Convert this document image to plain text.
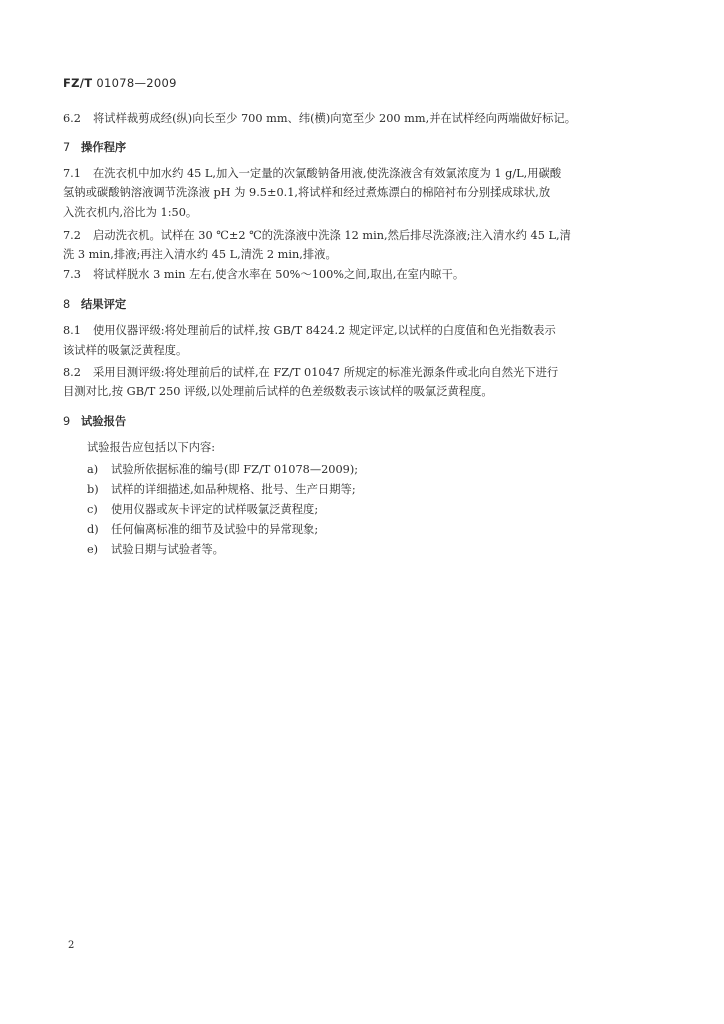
FZ/T 01078—2009
6.2 将试样裁剪成经(纵)向长至少 700 mm、纬(横)向宽至少 200 mm,并在试样经向两端做好标记。
7 操作程序
7.1 在洗衣机中加水约 45 L,加入一定量的次氯酸钠备用液,使洗涤液含有效氯浓度为 1 g/L,用碳酸
氢钠或碳酸钠溶液调节洗涤液 pH 为 9.5±0.1,将试样和经过煮炼漂白的棉陪衬布分别揉成球状,放
入洗衣机内,浴比为 1:50。
7.2 启动洗衣机。试样在 30 ℃±2 ℃的洗涤液中洗涤 12 min,然后排尽洗涤液;注入清水约 45 L,清
洗 3 min,排液;再注入清水约 45 L,清洗 2 min,排液。
7.3 将试样脱水 3 min 左右,使含水率在 50%～100%之间,取出,在室内晾干。
8 结果评定
8.1 使用仪器评级:将处理前后的试样,按 GB/T 8424.2 规定评定,以试样的白度值和色光指数表示
该试样的吸氯泛黄程度。
8.2 采用目测评级:将处理前后的试样,在 FZ/T 01047 所规定的标准光源条件或北向自然光下进行
目测对比,按 GB/T 250 评级,以处理前后试样的色差级数表示该试样的吸氯泛黄程度。
9 试验报告
试验报告应包括以下内容:
a) 试验所依据标准的编号(即 FZ/T 01078—2009);
b) 试样的详细描述,如品种规格、批号、生产日期等;
c) 使用仪器或灰卡评定的试样吸氯泛黄程度;
d) 任何偏离标准的细节及试验中的异常现象;
e) 试验日期与试验者等。
2
